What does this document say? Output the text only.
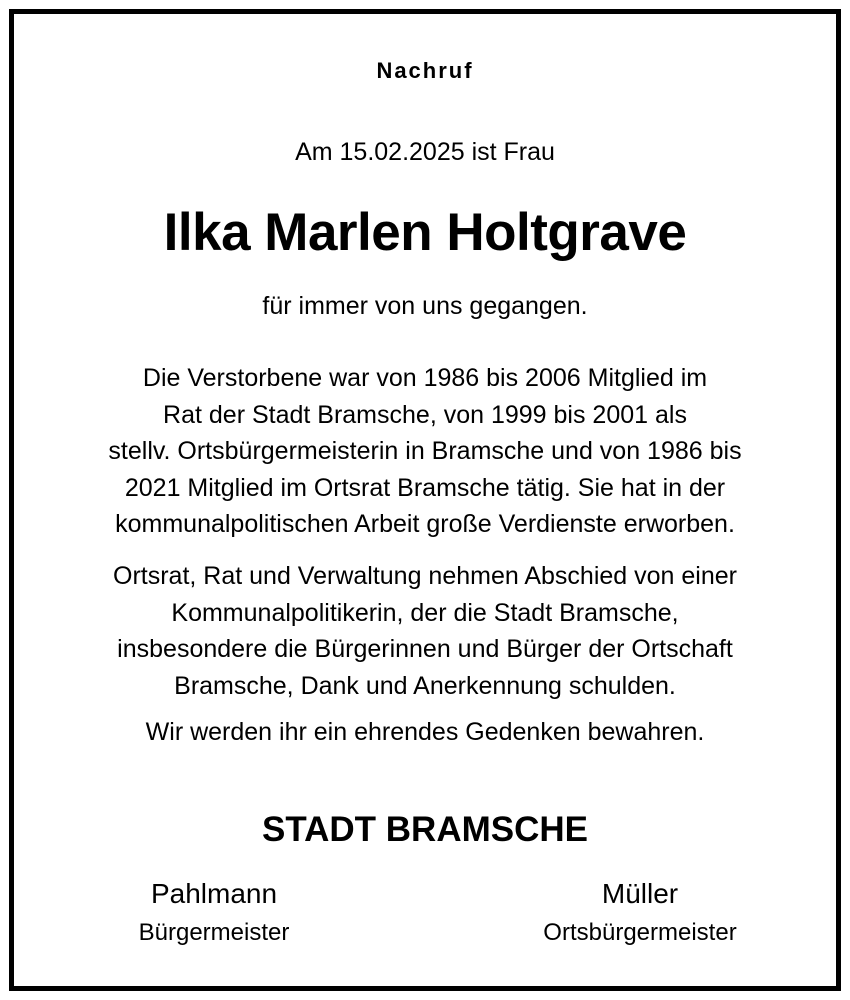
Nachruf
Am 15.02.2025 ist Frau
Ilka Marlen Holtgrave
für immer von uns gegangen.
Die Verstorbene war von 1986 bis 2006 Mitglied im
Rat der Stadt Bramsche, von 1999 bis 2001 als
stellv. Ortsbürgermeisterin in Bramsche und von 1986 bis
2021 Mitglied im Ortsrat Bramsche tätig. Sie hat in der
kommunalpolitischen Arbeit große Verdienste erworben.
Ortsrat, Rat und Verwaltung nehmen Abschied von einer
Kommunalpolitikerin, der die Stadt Bramsche,
insbesondere die Bürgerinnen und Bürger der Ortschaft
Bramsche, Dank und Anerkennung schulden.
Wir werden ihr ein ehrendes Gedenken bewahren.
STADT BRAMSCHE
Pahlmann
Bürgermeister
Müller
Ortsbürgermeister
